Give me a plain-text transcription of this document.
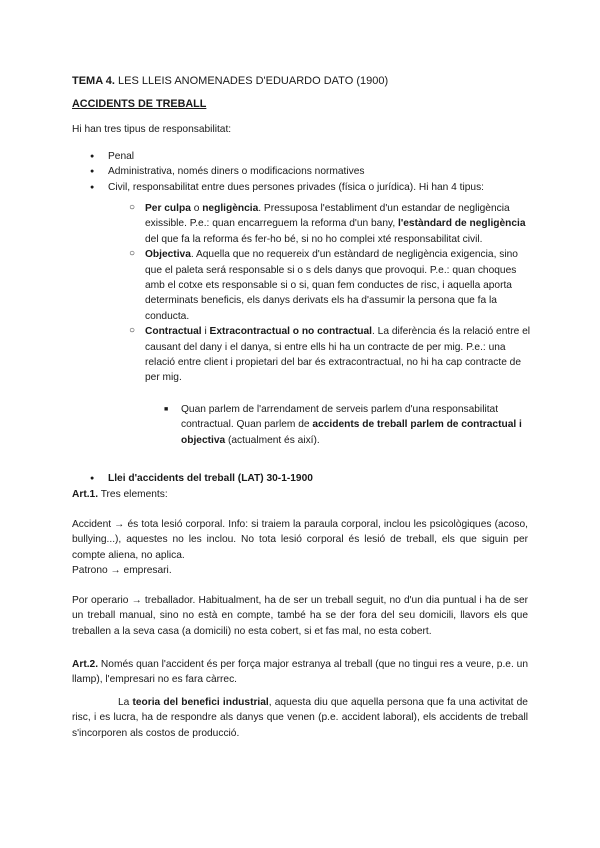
TEMA 4. LES LLEIS ANOMENADES D'EDUARDO DATO (1900)
ACCIDENTS DE TREBALL
Hi han tres tipus de responsabilitat:
● Penal
● Administrativa, només diners o modificacions normatives
● Civil, responsabilitat entre dues persones privades (física o jurídica). Hi han 4 tipus:
○ Per culpa o negligència. Pressuposa l'establiment d'un estandar de negligència exissible. P.e.: quan encarreguem la reforma d'un bany, l'estàndard de negligència del que fa la reforma és fer-ho bé, si no ho complei xté responsabilitat civil.
○ Objectiva. Aquella que no requereix d'un estàndard de negligència exigencia, sino que el paleta será responsable si o s dels danys que provoqui. P.e.: quan choques amb el cotxe ets responsable si o si, quan fem conductes de risc, i aquella aporta determinats beneficis, els danys derivats els ha d'assumir la persona que fa la conducta.
○ Contractual i Extracontractual o no contractual. La diferència és la relació entre el causant del dany i el danya, si entre ells hi ha un contracte de per mig. P.e.: una relació entre client i propietari del bar és extracontractual, no hi ha cap contracte de per mig.
■ Quan parlem de l'arrendament de serveis parlem d'una responsabilitat contractual. Quan parlem de accidents de treball parlem de contractual i objectiva (actualment és així).
● Llei d'accidents del treball (LAT) 30-1-1900
Art.1. Tres elements:
Accident → és tota lesió corporal. Info: si traiem la paraula corporal, inclou les psicològiques (acoso, bullying...), aquestes no les inclou. No tota lesió corporal és lesió de treball, els que siguin per compte aliena, no aplica.
Patrono → empresari.
Por operario → treballador. Habitualment, ha de ser un treball seguit, no d'un dia puntual i ha de ser un treball manual, sino no està en compte, també ha se der fora del seu domicili, llavors els que treballen a la seva casa (a domicili) no esta cobert, si et fas mal, no esta cobert.
Art.2. Només quan l'accident és per força major estranya al treball (que no tingui res a veure, p.e. un llamp), l'empresari no es fara càrrec.
La teoria del benefici industrial, aquesta diu que aquella persona que fa una activitat de risc, i es lucra, ha de respondre als danys que venen (p.e. accident laboral), els accidents de treball s'incorporen als costos de producció.
